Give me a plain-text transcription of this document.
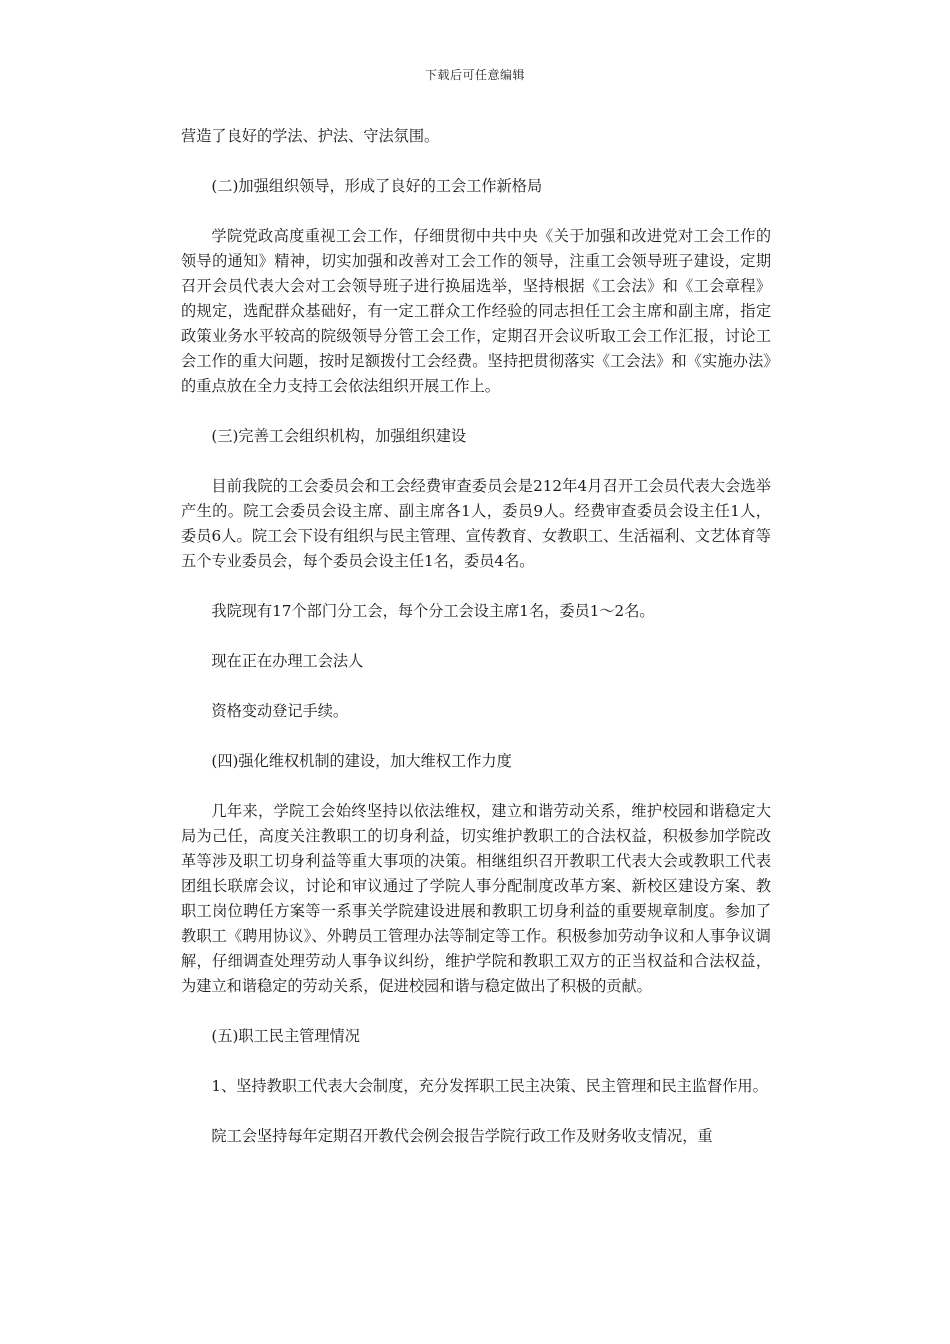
下载后可任意编辑

营造了良好的学法、护法、守法氛围。

(二)加强组织领导，形成了良好的工会工作新格局

学院党政高度重视工会工作，仔细贯彻中共中央《关于加强和改进党对工会工作的领导的通知》精神，切实加强和改善对工会工作的领导，注重工会领导班子建设，定期召开会员代表大会对工会领导班子进行换届选举，坚持根据《工会法》和《工会章程》的规定，选配群众基础好，有一定工群众工作经验的同志担任工会主席和副主席，指定政策业务水平较高的院级领导分管工会工作，定期召开会议听取工会工作汇报，讨论工会工作的重大问题，按时足额拨付工会经费。坚持把贯彻落实《工会法》和《实施办法》的重点放在全力支持工会依法组织开展工作上。

(三)完善工会组织机构，加强组织建设

目前我院的工会委员会和工会经费审查委员会是212年4月召开工会员代表大会选举产生的。院工会委员会设主席、副主席各1人，委员9人。经费审查委员会设主任1人，委员6人。院工会下设有组织与民主管理、宣传教育、女教职工、生活福利、文艺体育等五个专业委员会，每个委员会设主任1名，委员4名。

我院现有17个部门分工会，每个分工会设主席1名，委员1～2名。

现在正在办理工会法人

资格变动登记手续。

(四)强化维权机制的建设，加大维权工作力度

几年来，学院工会始终坚持以依法维权，建立和谐劳动关系，维护校园和谐稳定大局为己任，高度关注教职工的切身利益，切实维护教职工的合法权益，积极参加学院改革等涉及职工切身利益等重大事项的决策。相继组织召开教职工代表大会或教职工代表团组长联席会议，讨论和审议通过了学院人事分配制度改革方案、新校区建设方案、教职工岗位聘任方案等一系事关学院建设进展和教职工切身利益的重要规章制度。参加了教职工《聘用协议》、外聘员工管理办法等制定等工作。积极参加劳动争议和人事争议调解，仔细调查处理劳动人事争议纠纷，维护学院和教职工双方的正当权益和合法权益，为建立和谐稳定的劳动关系，促进校园和谐与稳定做出了积极的贡献。

(五)职工民主管理情况

1、坚持教职工代表大会制度，充分发挥职工民主决策、民主管理和民主监督作用。

院工会坚持每年定期召开教代会例会报告学院行政工作及财务收支情况，重
